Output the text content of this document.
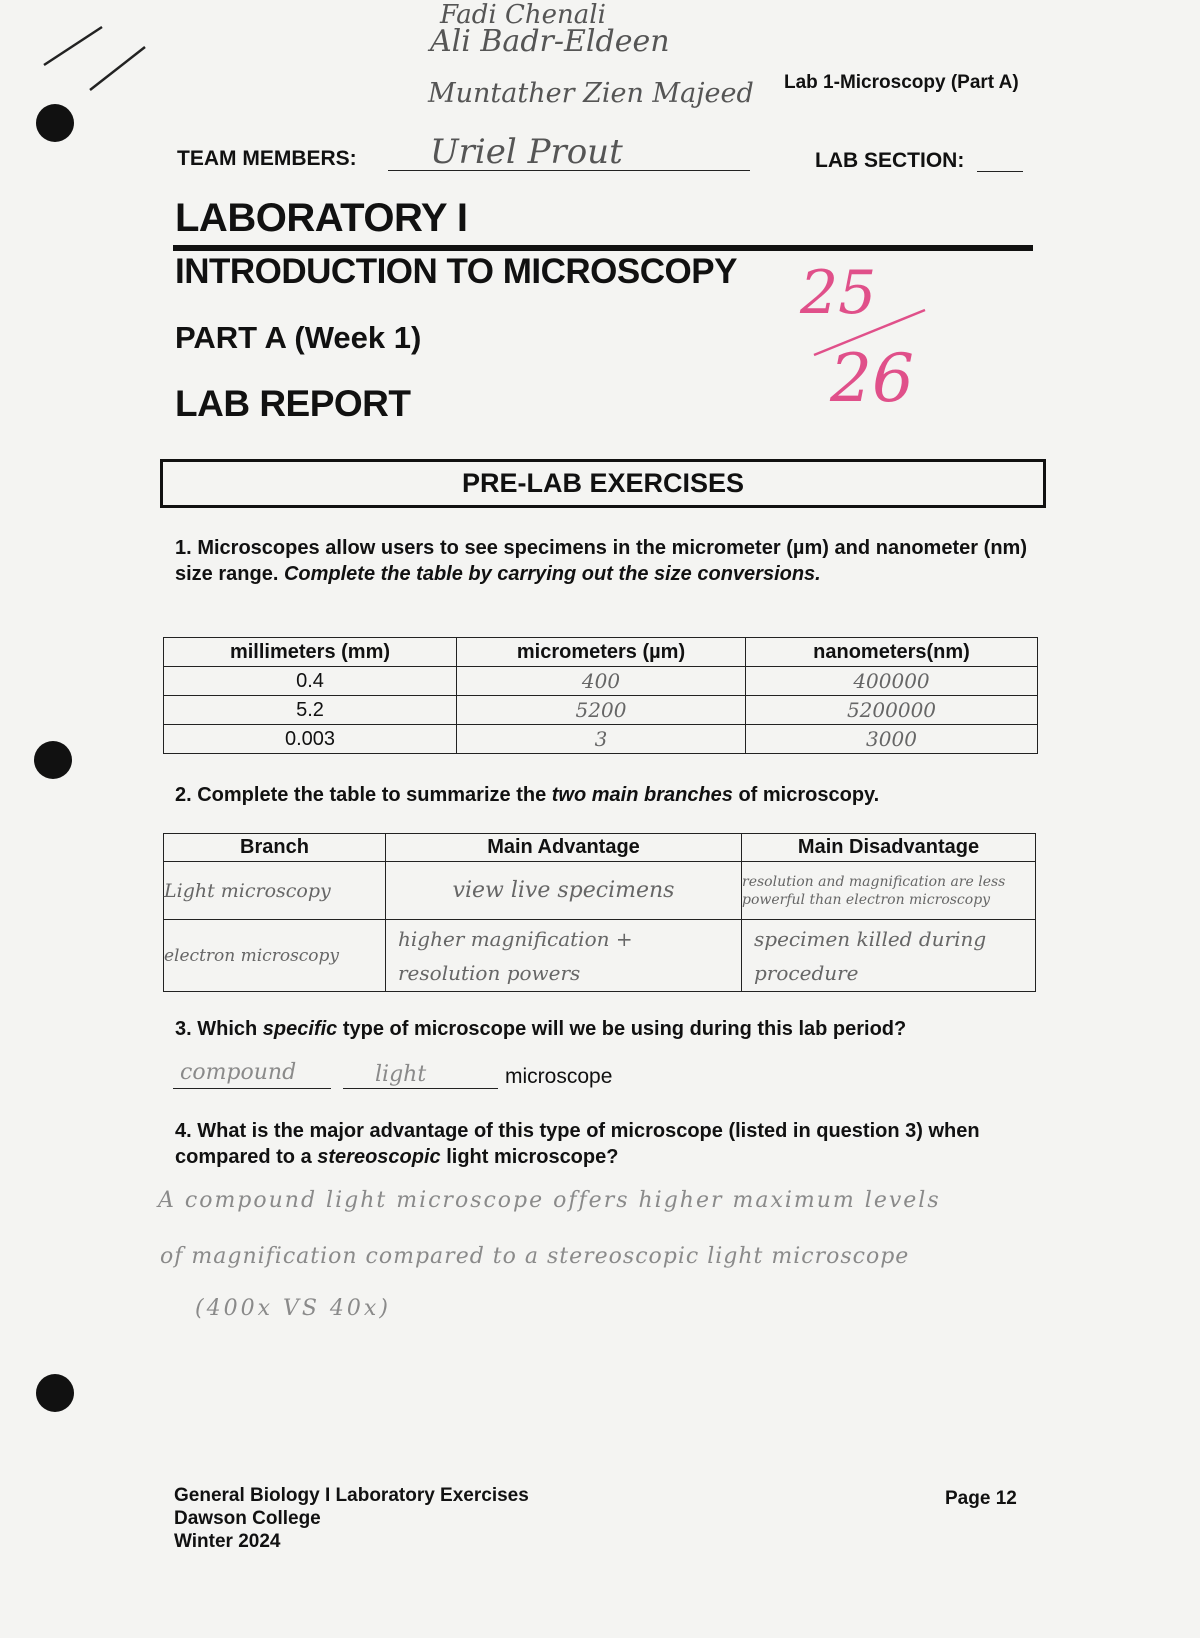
Fadi Chenali
Ali Badr-Eldeen
Muntather Zien Majeed
Uriel Prout
Lab 1-Microscopy (Part A)
TEAM MEMBERS:	LAB SECTION:
LABORATORY I
INTRODUCTION TO MICROSCOPY
PART A (Week 1)
LAB REPORT
25
26
PRE-LAB EXERCISES
1. Microscopes allow users to see specimens in the micrometer (µm) and nanometer (nm) size range. Complete the table by carrying out the size conversions.
millimeters (mm)	micrometers (µm)	nanometers(nm)
0.4	400	400000
5.2	5200	5200000
0.003	3	3000
2. Complete the table to summarize the two main branches of microscopy.
Branch	Main Advantage	Main Disadvantage
Light microscopy	view live specimens	resolution and magnification are less powerful than electron microscopy
electron microscopy	higher magnification + resolution powers	specimen killed during procedure
3. Which specific type of microscope will we be using during this lab period?
compound	light	microscope
4. What is the major advantage of this type of microscope (listed in question 3) when compared to a stereoscopic light microscope?
A compound light microscope offers higher maximum levels
of magnification compared to a stereoscopic light microscope
(400x VS 40x)
General Biology I Laboratory Exercises
Dawson College
Winter 2024
Page 12
